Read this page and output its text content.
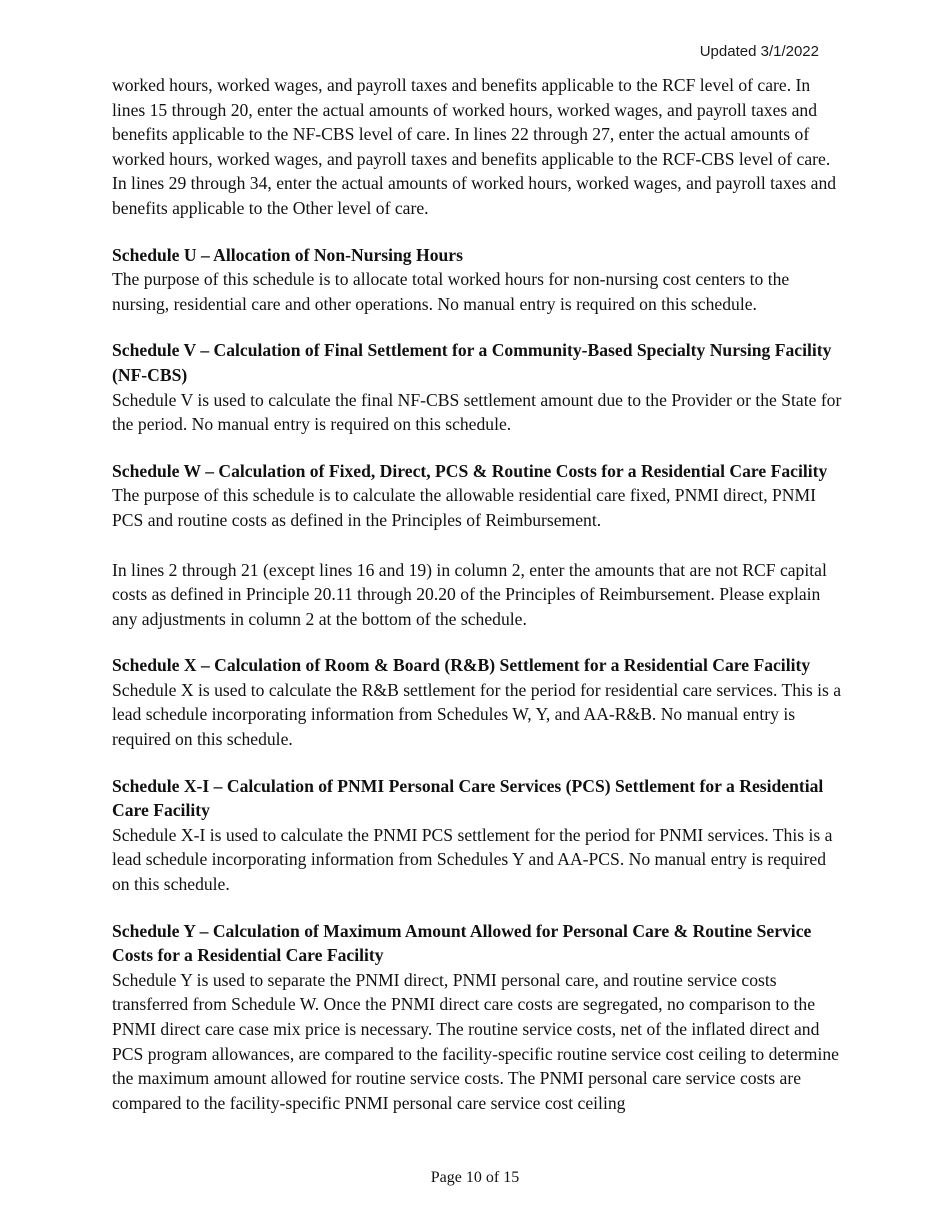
Updated 3/1/2022

worked hours, worked wages, and payroll taxes and benefits applicable to the RCF level of care. In lines 15 through 20, enter the actual amounts of worked hours, worked wages, and payroll taxes and benefits applicable to the NF-CBS level of care. In lines 22 through 27, enter the actual amounts of worked hours, worked wages, and payroll taxes and benefits applicable to the RCF-CBS level of care. In lines 29 through 34, enter the actual amounts of worked hours, worked wages, and payroll taxes and benefits applicable to the Other level of care.

Schedule U – Allocation of Non-Nursing Hours

The purpose of this schedule is to allocate total worked hours for non-nursing cost centers to the nursing, residential care and other operations. No manual entry is required on this schedule.

Schedule V – Calculation of Final Settlement for a Community-Based Specialty Nursing Facility (NF-CBS)

Schedule V is used to calculate the final NF-CBS settlement amount due to the Provider or the State for the period. No manual entry is required on this schedule.

Schedule W – Calculation of Fixed, Direct, PCS & Routine Costs for a Residential Care Facility

The purpose of this schedule is to calculate the allowable residential care fixed, PNMI direct, PNMI PCS and routine costs as defined in the Principles of Reimbursement.

In lines 2 through 21 (except lines 16 and 19) in column 2, enter the amounts that are not RCF capital costs as defined in Principle 20.11 through 20.20 of the Principles of Reimbursement. Please explain any adjustments in column 2 at the bottom of the schedule.

Schedule X – Calculation of Room & Board (R&B) Settlement for a Residential Care Facility

Schedule X is used to calculate the R&B settlement for the period for residential care services. This is a lead schedule incorporating information from Schedules W, Y, and AA-R&B. No manual entry is required on this schedule.

Schedule X-I – Calculation of PNMI Personal Care Services (PCS) Settlement for a Residential Care Facility

Schedule X-I is used to calculate the PNMI PCS settlement for the period for PNMI services. This is a lead schedule incorporating information from Schedules Y and AA-PCS. No manual entry is required on this schedule.

Schedule Y – Calculation of Maximum Amount Allowed for Personal Care & Routine Service Costs for a Residential Care Facility

Schedule Y is used to separate the PNMI direct, PNMI personal care, and routine service costs transferred from Schedule W. Once the PNMI direct care costs are segregated, no comparison to the PNMI direct care case mix price is necessary. The routine service costs, net of the inflated direct and PCS program allowances, are compared to the facility-specific routine service cost ceiling to determine the maximum amount allowed for routine service costs. The PNMI personal care service costs are compared to the facility-specific PNMI personal care service cost ceiling

Page 10 of 15
